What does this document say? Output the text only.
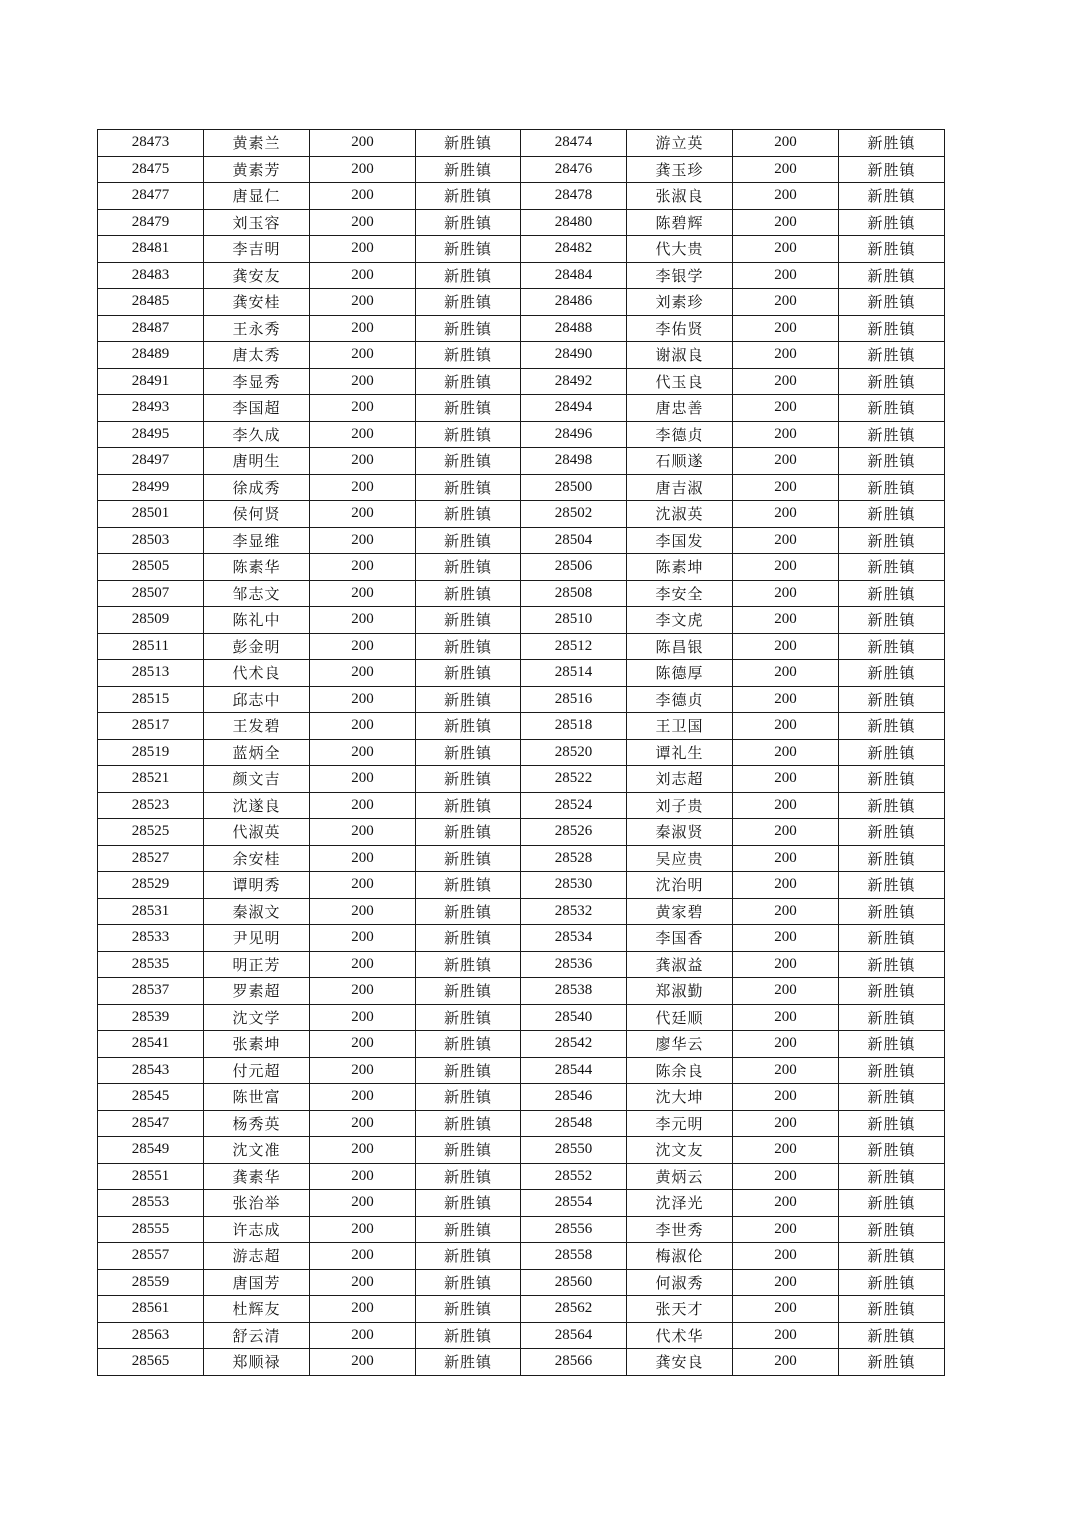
28473	黄素兰	200	新胜镇	28474	游立英	200	新胜镇
28475	黄素芳	200	新胜镇	28476	龚玉珍	200	新胜镇
28477	唐显仁	200	新胜镇	28478	张淑良	200	新胜镇
28479	刘玉容	200	新胜镇	28480	陈碧辉	200	新胜镇
28481	李吉明	200	新胜镇	28482	代大贵	200	新胜镇
28483	龚安友	200	新胜镇	28484	李银学	200	新胜镇
28485	龚安桂	200	新胜镇	28486	刘素珍	200	新胜镇
28487	王永秀	200	新胜镇	28488	李佑贤	200	新胜镇
28489	唐太秀	200	新胜镇	28490	谢淑良	200	新胜镇
28491	李显秀	200	新胜镇	28492	代玉良	200	新胜镇
28493	李国超	200	新胜镇	28494	唐忠善	200	新胜镇
28495	李久成	200	新胜镇	28496	李德贞	200	新胜镇
28497	唐明生	200	新胜镇	28498	石顺遂	200	新胜镇
28499	徐成秀	200	新胜镇	28500	唐吉淑	200	新胜镇
28501	侯何贤	200	新胜镇	28502	沈淑英	200	新胜镇
28503	李显维	200	新胜镇	28504	李国发	200	新胜镇
28505	陈素华	200	新胜镇	28506	陈素坤	200	新胜镇
28507	邹志文	200	新胜镇	28508	李安全	200	新胜镇
28509	陈礼中	200	新胜镇	28510	李文虎	200	新胜镇
28511	彭金明	200	新胜镇	28512	陈昌银	200	新胜镇
28513	代术良	200	新胜镇	28514	陈德厚	200	新胜镇
28515	邱志中	200	新胜镇	28516	李德贞	200	新胜镇
28517	王发碧	200	新胜镇	28518	王卫国	200	新胜镇
28519	蓝炳全	200	新胜镇	28520	谭礼生	200	新胜镇
28521	颜文吉	200	新胜镇	28522	刘志超	200	新胜镇
28523	沈遂良	200	新胜镇	28524	刘子贵	200	新胜镇
28525	代淑英	200	新胜镇	28526	秦淑贤	200	新胜镇
28527	余安桂	200	新胜镇	28528	吴应贵	200	新胜镇
28529	谭明秀	200	新胜镇	28530	沈治明	200	新胜镇
28531	秦淑文	200	新胜镇	28532	黄家碧	200	新胜镇
28533	尹见明	200	新胜镇	28534	李国香	200	新胜镇
28535	明正芳	200	新胜镇	28536	龚淑益	200	新胜镇
28537	罗素超	200	新胜镇	28538	郑淑勤	200	新胜镇
28539	沈文学	200	新胜镇	28540	代廷顺	200	新胜镇
28541	张素坤	200	新胜镇	28542	廖华云	200	新胜镇
28543	付元超	200	新胜镇	28544	陈余良	200	新胜镇
28545	陈世富	200	新胜镇	28546	沈大坤	200	新胜镇
28547	杨秀英	200	新胜镇	28548	李元明	200	新胜镇
28549	沈文准	200	新胜镇	28550	沈文友	200	新胜镇
28551	龚素华	200	新胜镇	28552	黄炳云	200	新胜镇
28553	张治举	200	新胜镇	28554	沈泽光	200	新胜镇
28555	许志成	200	新胜镇	28556	李世秀	200	新胜镇
28557	游志超	200	新胜镇	28558	梅淑伦	200	新胜镇
28559	唐国芳	200	新胜镇	28560	何淑秀	200	新胜镇
28561	杜辉友	200	新胜镇	28562	张天才	200	新胜镇
28563	舒云清	200	新胜镇	28564	代术华	200	新胜镇
28565	郑顺禄	200	新胜镇	28566	龚安良	200	新胜镇
